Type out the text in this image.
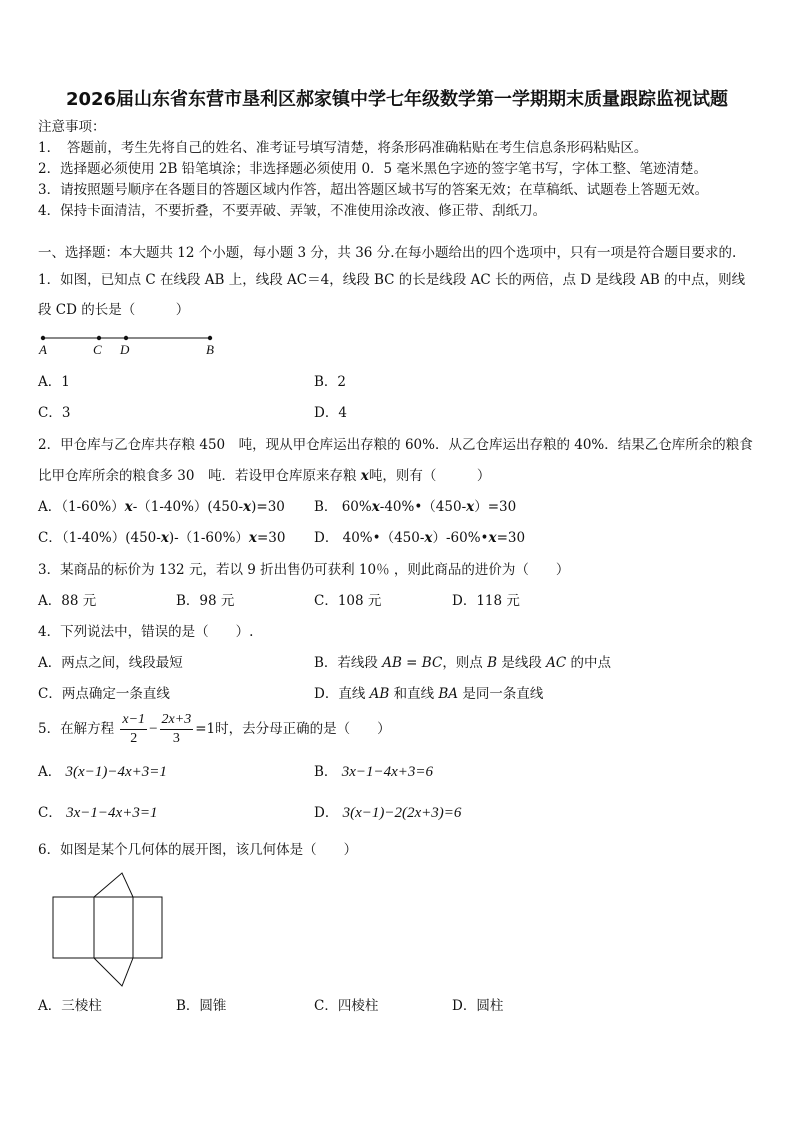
2026届山东省东营市垦利区郝家镇中学七年级数学第一学期期末质量跟踪监视试题
注意事项：
1．　答题前，考生先将自己的姓名、准考证号填写清楚，将条形码准确粘贴在考生信息条形码粘贴区。
2．选择题必须使用 2B 铅笔填涂；非选择题必须使用 0．5 毫米黑色字迹的签字笔书写，字体工整、笔迹清楚。
3．请按照题号顺序在各题目的答题区域内作答，超出答题区域书写的答案无效；在草稿纸、试题卷上答题无效。
4．保持卡面清洁，不要折叠，不要弄破、弄皱，不准使用涂改液、修正带、刮纸刀。
一、选择题：本大题共 12 个小题，每小题 3 分，共 36 分.在每小题给出的四个选项中，只有一项是符合题目要求的.
1．如图，已知点 C 在线段 AB 上，线段 AC＝4，线段 BC 的长是线段 AC 长的两倍，点 D 是线段 AB 的中点，则线
段 CD 的长是（　　　）
A	C D	B
A．1	B．2
C．3	D．4
2．甲仓库与乙仓库共存粮 450　吨，现从甲仓库运出存粮的 60%．从乙仓库运出存粮的 40%．结果乙仓库所余的粮食
比甲仓库所余的粮食多 30　吨．若设甲仓库原来存粮 x吨，则有（　　　）
A．（1-60%）x-（1-40%）(450-x)=30 B． 60%x-40%•（450-x）=30
C．（1-40%）(450-x)-（1-60%）x=30 D． 40%•（450-x）-60%•x=30
3．某商品的标价为 132 元，若以 9 折出售仍可获利 10％ ，则此商品的进价为（　　）
A．88 元	B．98 元	C．108 元	D．118 元
4．下列说法中，错误的是（　　）.
A．两点之间，线段最短	B．若线段 AB = BC，则点 B 是线段 AC 的中点
C．两点确定一条直线	D．直线 AB 和直线 BA 是同一条直线
5．在解方程 $\frac{x-1}{2} - \frac{2x+3}{3} =1$时，去分母正确的是（　　）
A． 3(x−1)−4x+3=1	B． 3x−1−4x+3=6
C． 3x−1−4x+3=1	D． 3(x−1)−2(2x+3)=6
6．如图是某个几何体的展开图，该几何体是（　　）
A．三棱柱	B．圆锥	C．四棱柱	D．圆柱
